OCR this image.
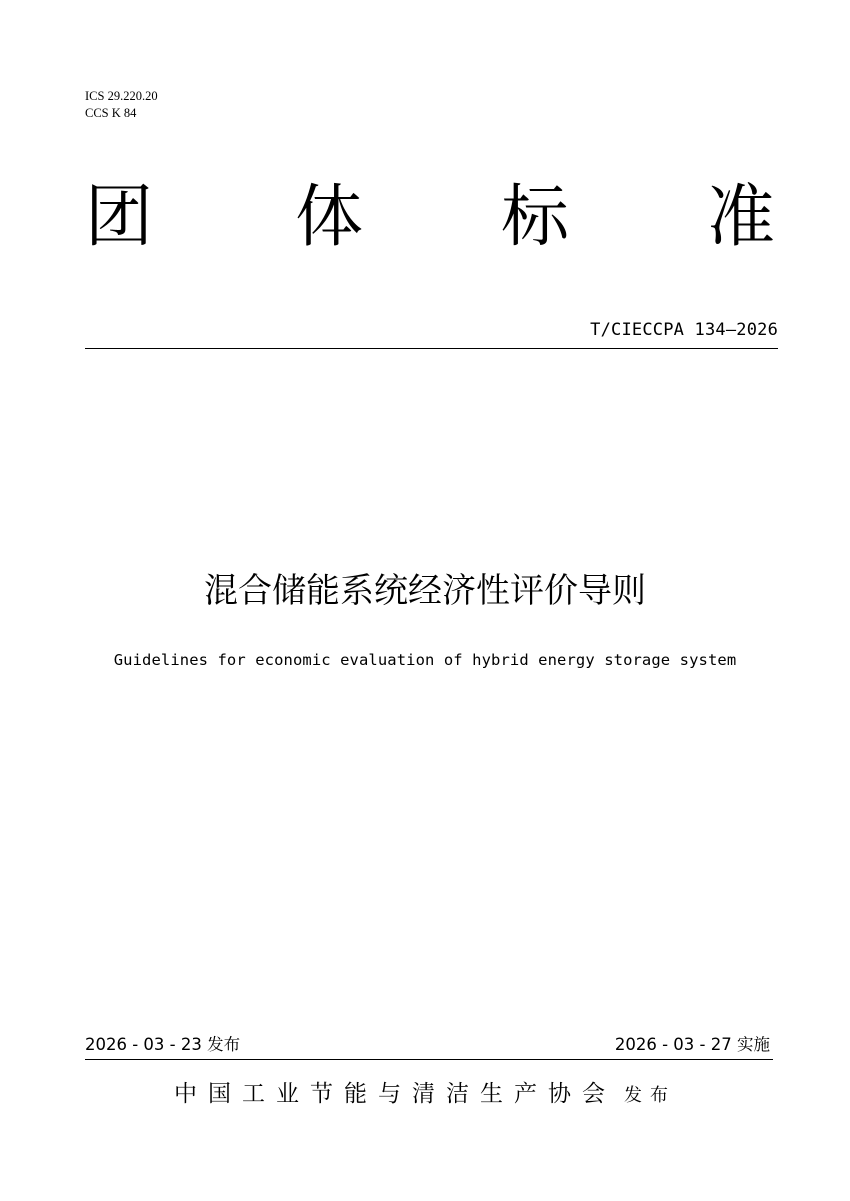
ICS 29.220.20
CCS K 84
团 体 标 准
T/CIECCPA 134—2026
混合储能系统经济性评价导则
Guidelines for economic evaluation of hybrid energy storage system
2026 - 03 - 23 发布	2026 - 03 - 27 实施
中国工业节能与清洁生产协会 发布
